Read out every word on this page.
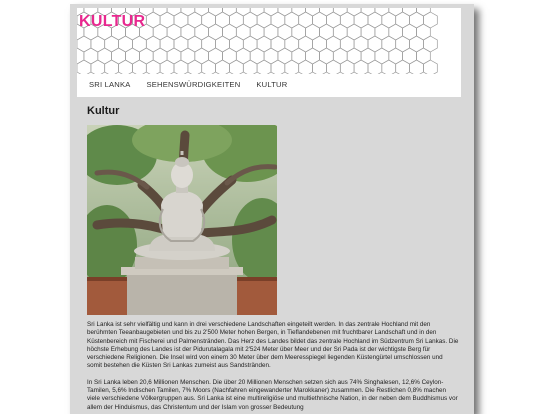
KULTUR
SRI LANKA SEHENSWÜRDIGKEITEN KULTUR
Kultur

Sri Lanka ist sehr vielfältig und kann in drei verschiedene Landschaften eingeteilt werden. In das zentrale Hochland mit den berühmten Teeanbaugebieten und bis zu 2'500 Meter hohen Bergen, in Tieflandebenen mit fruchtbarer Landschaft und in den Küstenbereich mit Fischerei und Palmenstränden. Das Herz des Landes bildet das zentrale Hochland im Südzentrum Sri Lankas. Die höchste Erhebung des Landes ist der Pidurutalagala mit 2'524 Meter über Meer und der Sri Pada ist der wichtigste Berg für verschiedene Religionen. Die Insel wird von einem 30 Meter über dem Meeresspiegel liegenden Küstengürtel umschlossen und somit bestehen die Küsten Sri Lankas zumeist aus Sandstränden.

In Sri Lanka leben 20,6 Millionen Menschen. Die über 20 Millionen Menschen setzen sich aus 74% Singhalesen, 12,6% Ceylon-Tamilen, 5,6% Indischen Tamilen, 7% Moors (Nachfahren eingewanderter Marokkaner) zusammen. Die Restlichen 0,8% machen viele verschiedene Völkergruppen aus. Sri Lanka ist eine multireligiöse und multiethnische Nation, in der neben dem Buddhismus vor allem der Hinduismus, das Christentum und der Islam von grosser Bedeutung
